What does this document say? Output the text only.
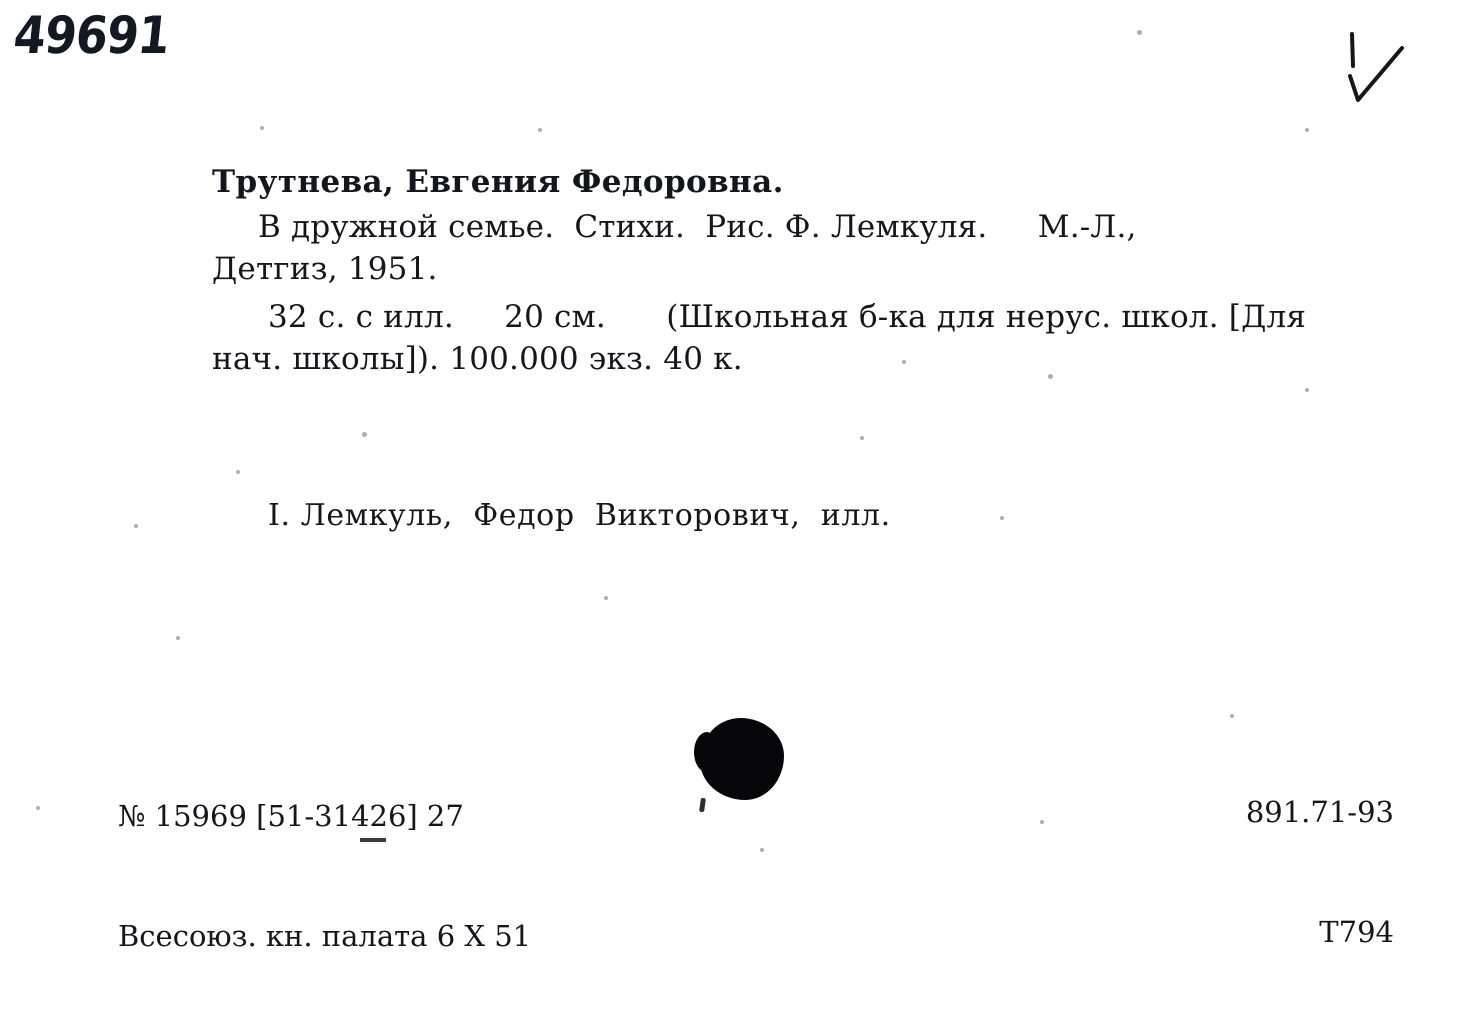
49691
Трутнева, Евгения Федоровна.
В дружной семье.  Стихи.  Рис. Ф. Лемкуля.     М.-Л.,
Детгиз, 1951.
32 с. с илл.     20 см.      (Школьная б-ка для нерус. школ. [Для
нач. школы]). 100.000 экз. 40 к.
I. Лемкуль,  Федор  Викторович,  илл.

№ 15969 [51-31426] 27

Всесоюз. кн. палата 6 X 51

891.71-93

Т794
